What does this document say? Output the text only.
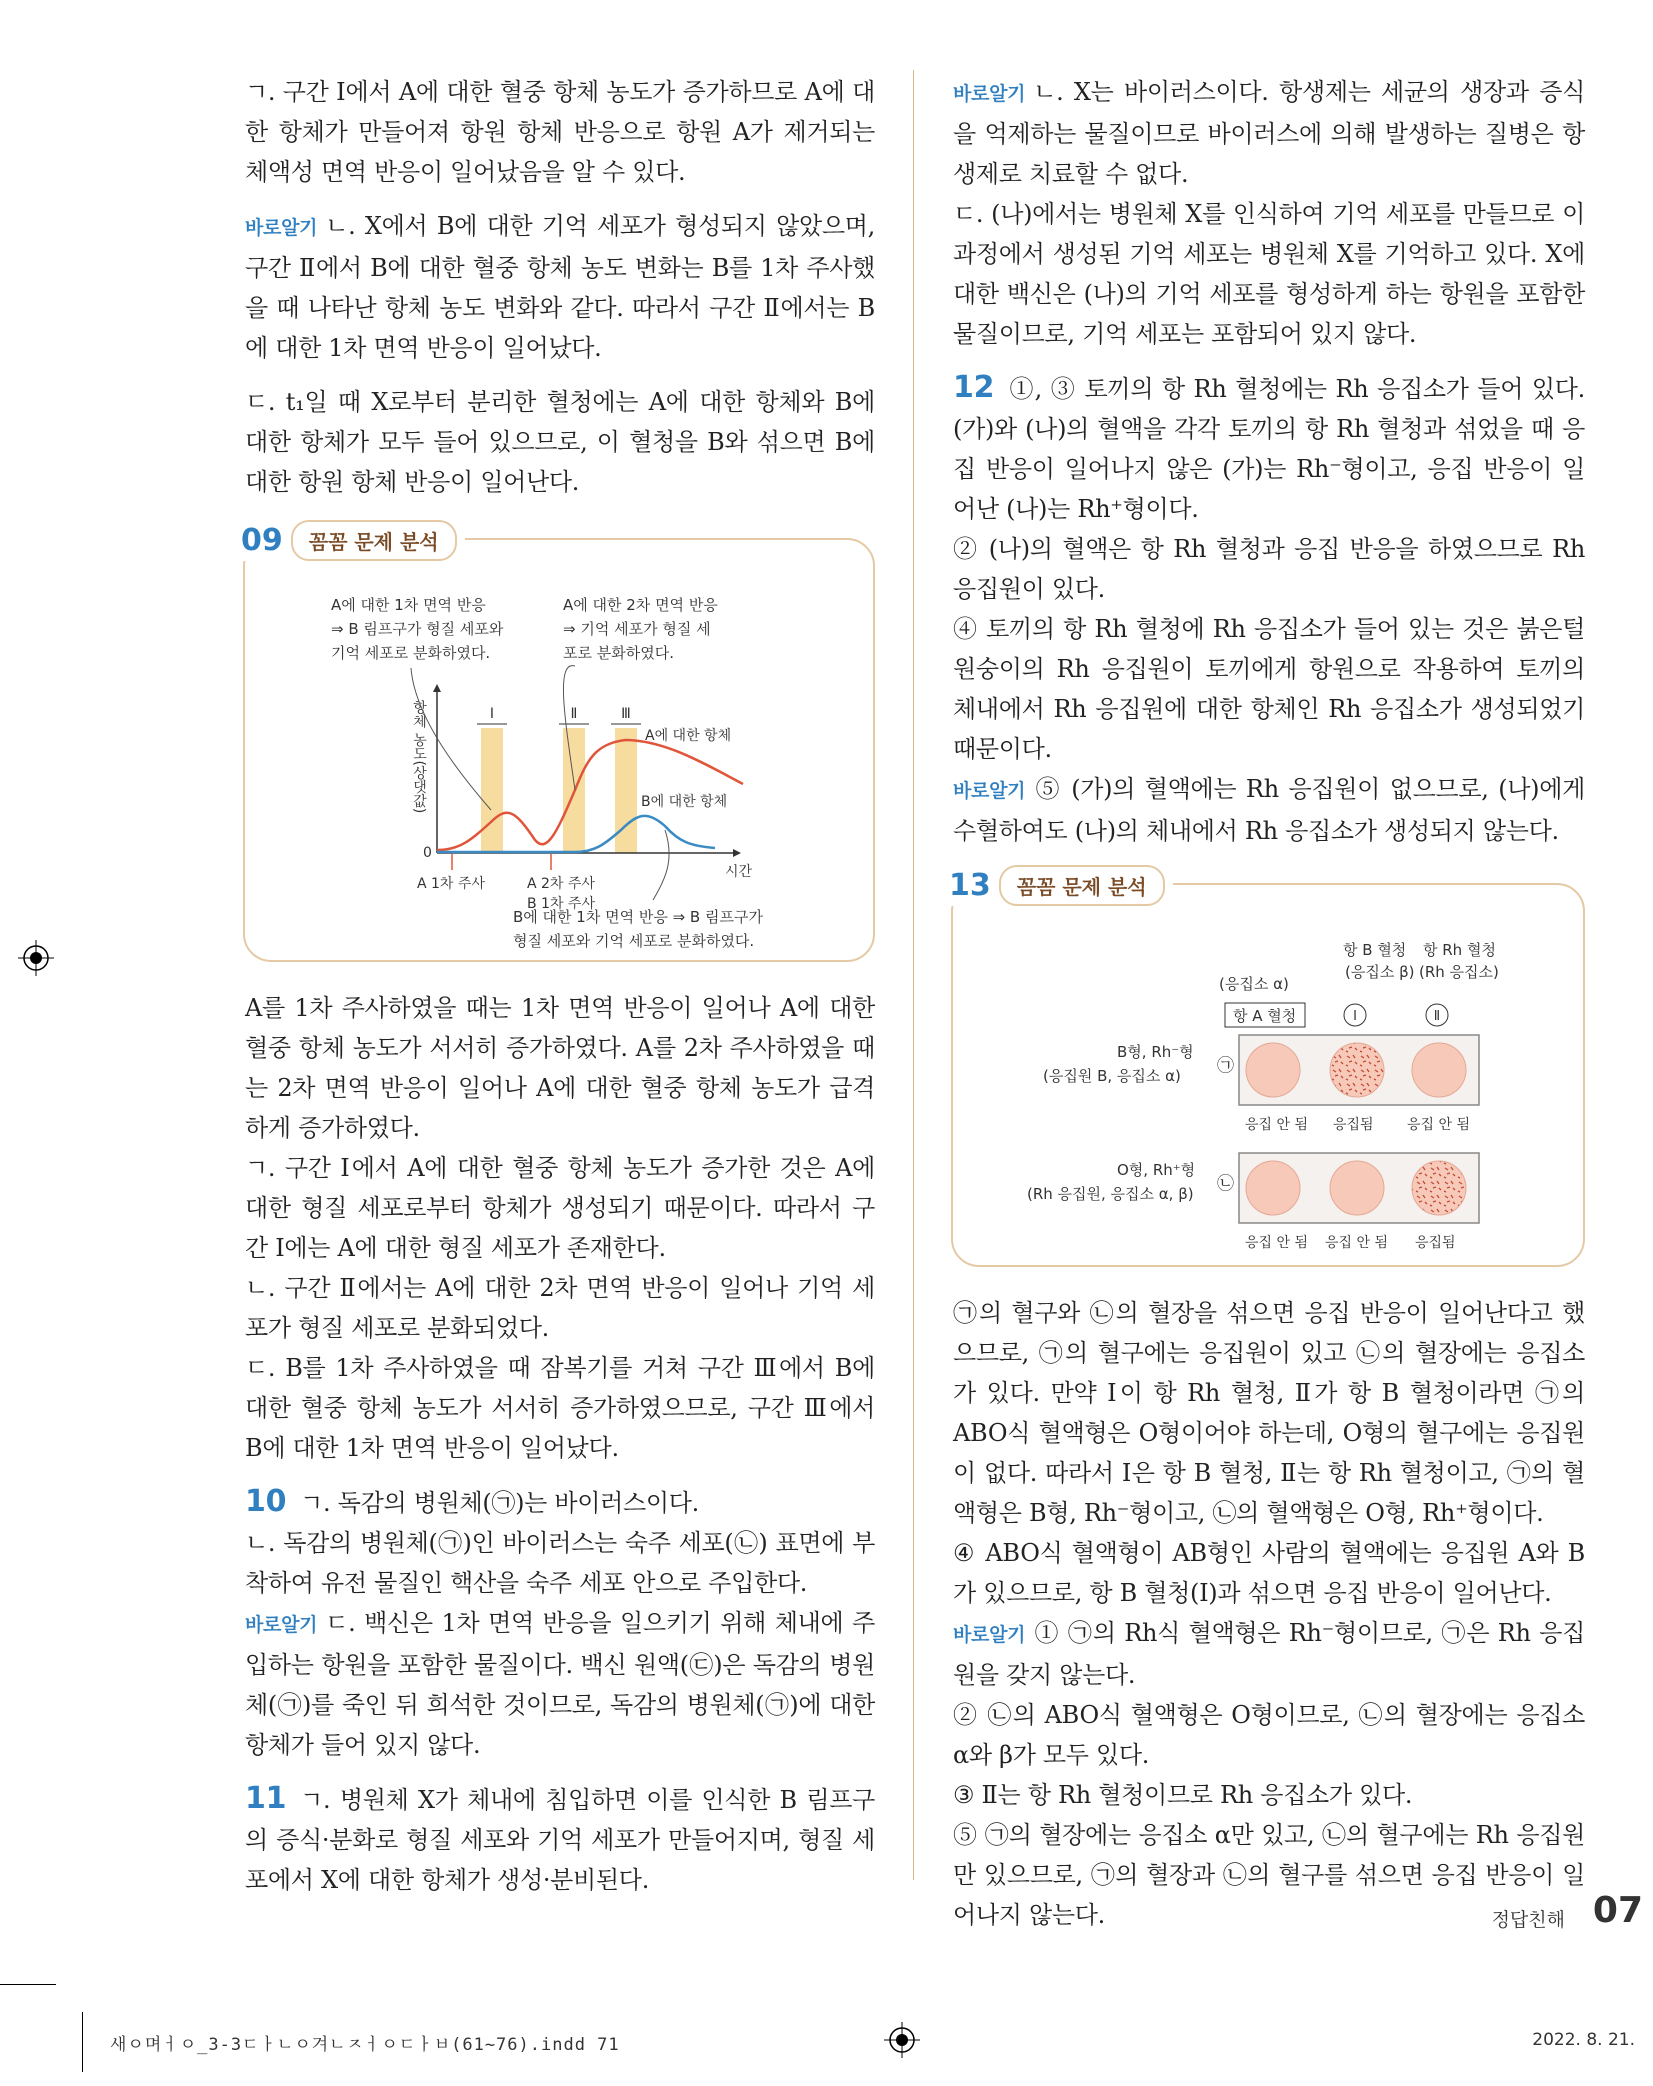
ㄱ. 구간 Ⅰ에서 A에 대한 혈중 항체 농도가 증가하므로 A에 대한 항체가 만들어져 항원 항체 반응으로 항원 A가 제거되는 체액성 면역 반응이 일어났음을 알 수 있다.

바로알기 ㄴ. X에서 B에 대한 기억 세포가 형성되지 않았으며, 구간 Ⅱ에서 B에 대한 혈중 항체 농도 변화는 B를 1차 주사했을 때 나타난 항체 농도 변화와 같다. 따라서 구간 Ⅱ에서는 B에 대한 1차 면역 반응이 일어났다.

ㄷ. t₁일 때 X로부터 분리한 혈청에는 A에 대한 항체와 B에 대한 항체가 모두 들어 있으므로, 이 혈청을 B와 섞으면 B에 대한 항원 항체 반응이 일어난다.

09	꼼꼼 문제 분석
A에 대한 1차 면역 반응
⇒ B 림프구가 형질 세포와
기억 세포로 분화하였다.
A에 대한 2차 면역 반응
⇒ 기억 세포가 형질 세
포로 분화하였다.
Ⅰ	Ⅱ	Ⅲ
0
시간
항체 농도(상댓값)	A에 대한 항체
B에 대한 항체
A 1차 주사	A 2차 주사
B 1차 주사
B에 대한 1차 면역 반응 ⇒ B 림프구가
형질 세포와 기억 세포로 분화하였다.

A를 1차 주사하였을 때는 1차 면역 반응이 일어나 A에 대한 혈중 항체 농도가 서서히 증가하였다. A를 2차 주사하였을 때는 2차 면역 반응이 일어나 A에 대한 혈중 항체 농도가 급격하게 증가하였다.

ㄱ. 구간 Ⅰ에서 A에 대한 혈중 항체 농도가 증가한 것은 A에 대한 형질 세포로부터 항체가 생성되기 때문이다. 따라서 구간 Ⅰ에는 A에 대한 형질 세포가 존재한다.

ㄴ. 구간 Ⅱ에서는 A에 대한 2차 면역 반응이 일어나 기억 세포가 형질 세포로 분화되었다.

ㄷ. B를 1차 주사하였을 때 잠복기를 거쳐 구간 Ⅲ에서 B에 대한 혈중 항체 농도가 서서히 증가하였으므로, 구간 Ⅲ에서 B에 대한 1차 면역 반응이 일어났다.

10 ㄱ. 독감의 병원체(㉠)는 바이러스이다.

ㄴ. 독감의 병원체(㉠)인 바이러스는 숙주 세포(㉡) 표면에 부착하여 유전 물질인 핵산을 숙주 세포 안으로 주입한다.

바로알기 ㄷ. 백신은 1차 면역 반응을 일으키기 위해 체내에 주입하는 항원을 포함한 물질이다. 백신 원액(㉢)은 독감의 병원체(㉠)를 죽인 뒤 희석한 것이므로, 독감의 병원체(㉠)에 대한 항체가 들어 있지 않다.

11 ㄱ. 병원체 X가 체내에 침입하면 이를 인식한 B 림프구의 증식·분화로 형질 세포와 기억 세포가 만들어지며, 형질 세포에서 X에 대한 항체가 생성·분비된다.

바로알기 ㄴ. X는 바이러스이다. 항생제는 세균의 생장과 증식을 억제하는 물질이므로 바이러스에 의해 발생하는 질병은 항생제로 치료할 수 없다.

ㄷ. (나)에서는 병원체 X를 인식하여 기억 세포를 만들므로 이 과정에서 생성된 기억 세포는 병원체 X를 기억하고 있다. X에 대한 백신은 (나)의 기억 세포를 형성하게 하는 항원을 포함한 물질이므로, 기억 세포는 포함되어 있지 않다.

12 ①, ③ 토끼의 항 Rh 혈청에는 Rh 응집소가 들어 있다. (가)와 (나)의 혈액을 각각 토끼의 항 Rh 혈청과 섞었을 때 응집 반응이 일어나지 않은 (가)는 Rh⁻형이고, 응집 반응이 일어난 (나)는 Rh⁺형이다.

② (나)의 혈액은 항 Rh 혈청과 응집 반응을 하였으므로 Rh 응집원이 있다.

④ 토끼의 항 Rh 혈청에 Rh 응집소가 들어 있는 것은 붉은털원숭이의 Rh 응집원이 토끼에게 항원으로 작용하여 토끼의 체내에서 Rh 응집원에 대한 항체인 Rh 응집소가 생성되었기 때문이다.

바로알기 ⑤ (가)의 혈액에는 Rh 응집원이 없으므로, (나)에게 수혈하여도 (나)의 체내에서 Rh 응집소가 생성되지 않는다.

13	꼼꼼 문제 분석
항 B 혈청
(응집소 β)
항 Rh 혈청
(Rh 응집소)
(응집소 α)
항 A 혈청	Ⅰ	Ⅱ
B형, Rh⁻형
(응집원 B, 응집소 α) ㉠
응집 안 됨 응집됨 응집 안 됨
O형, Rh⁺형
(Rh 응집원, 응집소 α, β) ㉡
응집 안 됨 응집 안 됨 응집됨

㉠의 혈구와 ㉡의 혈장을 섞으면 응집 반응이 일어난다고 했으므로, ㉠의 혈구에는 응집원이 있고 ㉡의 혈장에는 응집소가 있다. 만약 Ⅰ이 항 Rh 혈청, Ⅱ가 항 B 혈청이라면 ㉠의 ABO식 혈액형은 O형이어야 하는데, O형의 혈구에는 응집원이 없다. 따라서 Ⅰ은 항 B 혈청, Ⅱ는 항 Rh 혈청이고, ㉠의 혈액형은 B형, Rh⁻형이고, ㉡의 혈액형은 O형, Rh⁺형이다.

④ ABO식 혈액형이 AB형인 사람의 혈액에는 응집원 A와 B가 있으므로, 항 B 혈청(Ⅰ)과 섞으면 응집 반응이 일어난다.

바로알기 ① ㉠의 Rh식 혈액형은 Rh⁻형이므로, ㉠은 Rh 응집원을 갖지 않는다.

② ㉡의 ABO식 혈액형은 O형이므로, ㉡의 혈장에는 응집소 α와 β가 모두 있다.

③ Ⅱ는 항 Rh 혈청이므로 Rh 응집소가 있다.

⑤ ㉠의 혈장에는 응집소 α만 있고, ㉡의 혈구에는 Rh 응집원만 있으므로, ㉠의 혈장과 ㉡의 혈구를 섞으면 응집 반응이 일어나지 않는다.	정답친해 07
새ㅇ며ㅓㅇ_3-3ㄷㅏㄴㅇ겨ㄴㅈㅓㅇㄷㅏㅂ(61~76).indd 71	2022. 8. 21.
